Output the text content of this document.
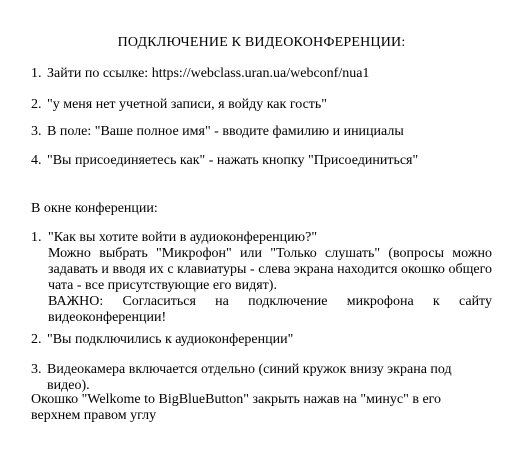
ПОДКЛЮЧЕНИЕ К ВИДЕОКОНФЕРЕНЦИИ:
1. Зайти по ссылке: https://webclass.uran.ua/webconf/nua1
2. "у меня нет учетной записи, я войду как гость"
3. В поле: "Ваше полное имя" - вводите фамилию и инициалы
4. "Вы присоединяетесь как" - нажать кнопку "Присоединиться"
В окне конференции:
1. "Как вы хотите войти в аудиоконференцию?"
Можно выбрать "Микрофон" или "Только слушать" (вопросы можно задавать и вводя их с клавиатуры - слева экрана находится окошко общего чата - все присутствующие его видят).
ВАЖНО: Согласиться на подключение микрофона к сайту видеоконференции!
2. "Вы подключились к аудиоконференции"
3. Видеокамера включается отдельно (синий кружок внизу экрана под видео).
Окошко "Welkome to BigBlueButton" закрыть нажав на "минус" в его верхнем правом углу
